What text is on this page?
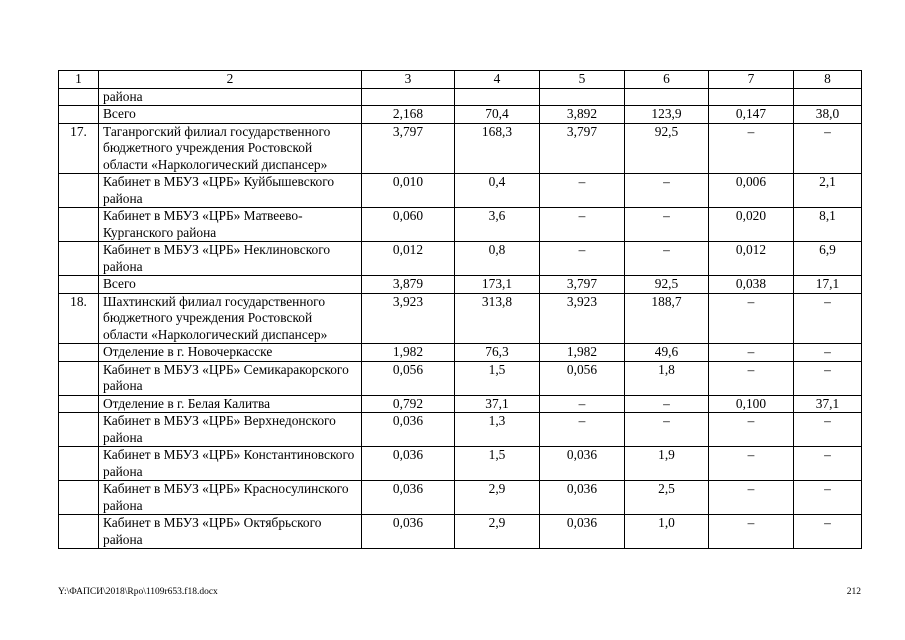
1	2	3	4	5	6	7	8
	района						
	Всего	2,168	70,4	3,892	123,9	0,147	38,0
17.	Таганрогский филиал государственного бюджетного учреждения Ростовской области «Наркологический диспансер»	3,797	168,3	3,797	92,5	–	–
	Кабинет в МБУЗ «ЦРБ» Куйбышевского района	0,010	0,4	–	–	0,006	2,1
	Кабинет в МБУЗ «ЦРБ» Матвеево-Курганского района	0,060	3,6	–	–	0,020	8,1
	Кабинет в МБУЗ «ЦРБ» Неклиновского района	0,012	0,8	–	–	0,012	6,9
	Всего	3,879	173,1	3,797	92,5	0,038	17,1
18.	Шахтинский филиал государственного бюджетного учреждения Ростовской области «Наркологический диспансер»	3,923	313,8	3,923	188,7	–	–
	Отделение в г. Новочеркасске	1,982	76,3	1,982	49,6	–	–
	Кабинет в МБУЗ «ЦРБ» Семикаракорского района	0,056	1,5	0,056	1,8	–	–
	Отделение в г. Белая Калитва	0,792	37,1	–	–	0,100	37,1
	Кабинет в МБУЗ «ЦРБ» Верхнедонского района	0,036	1,3	–	–	–	–
	Кабинет в МБУЗ «ЦРБ» Константиновского района	0,036	1,5	0,036	1,9	–	–
	Кабинет в МБУЗ «ЦРБ» Красносулинского района	0,036	2,9	0,036	2,5	–	–
	Кабинет в МБУЗ «ЦРБ» Октябрьского района	0,036	2,9	0,036	1,0	–	–
Y:\ФАПСИ\2018\Rpo\1109r653.f18.docx	212
